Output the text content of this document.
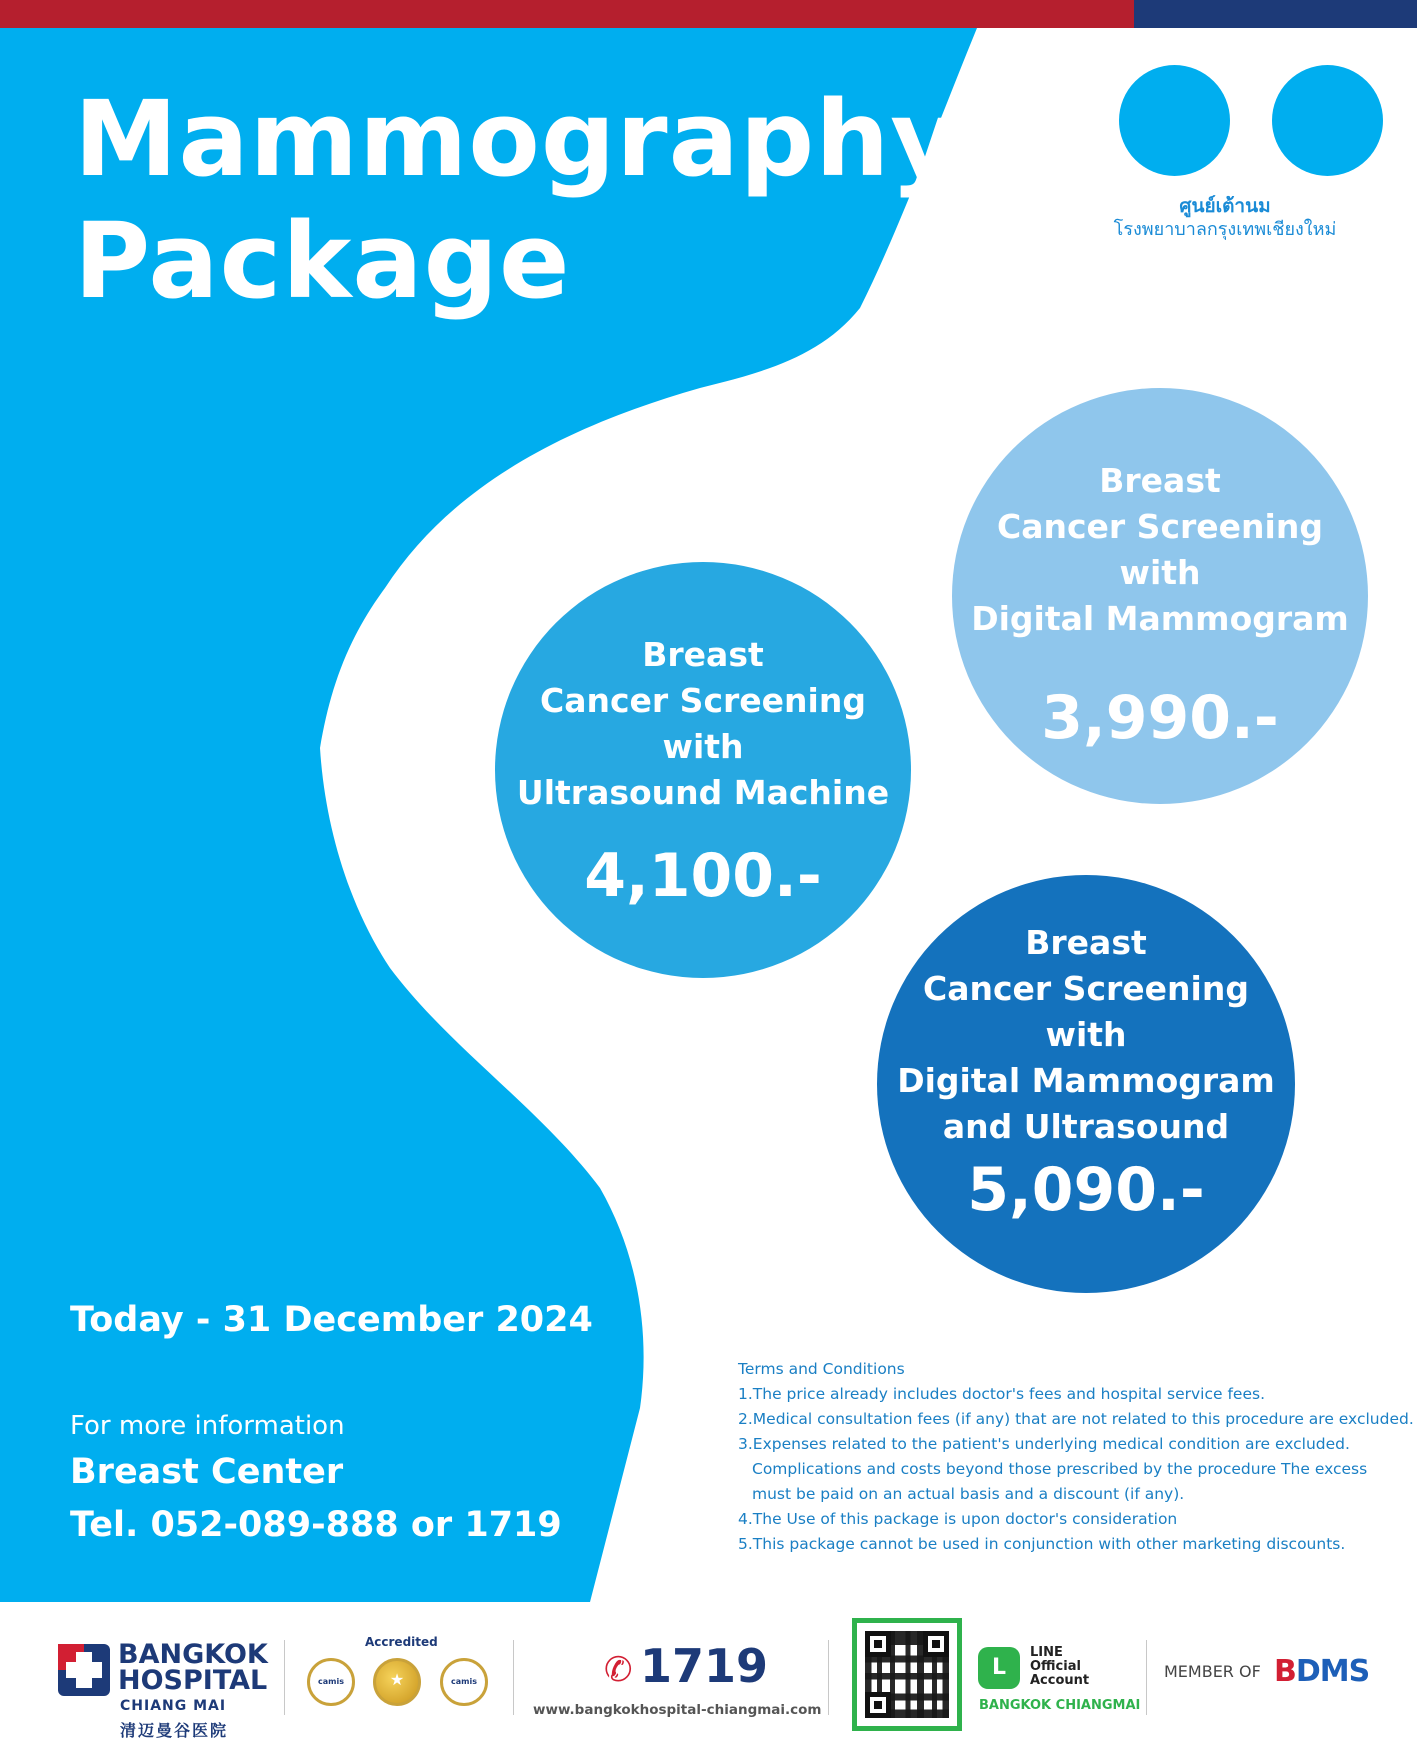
Mammography
Package	ศูนย์เต้านม
โรงพยาบาลกรุงเทพเชียงใหม่
Breast
Cancer Screening
with
Ultrasound Machine
4,100.-
Breast
Cancer Screening
with
Digital Mammogram
3,990.-
Breast
Cancer Screening
with
Digital Mammogram
and Ultrasound
5,090.-
Today - 31 December 2024
For more information
Breast Center
Tel. 052-089-888 or 1719
Terms and Conditions
1.The price already includes doctor's fees and hospital service fees.
2.Medical consultation fees (if any) that are not related to this procedure are excluded.
3.Expenses related to the patient's underlying medical condition are excluded.
Complications and costs beyond those prescribed by the procedure The excess
must be paid on an actual basis and a discount (if any).
4.The Use of this package is upon doctor's consideration
5.This package cannot be used in conjunction with other marketing discounts.
BANGKOK
HOSPITAL
CHIANG MAI
清迈曼谷医院
Accredited
camis	★	camis	✆ 1719
www.bangkokhospital-chiangmai.com
L
LINE
Official
Account
BANGKOK CHIANGMAI
MEMBER OF BDMS
